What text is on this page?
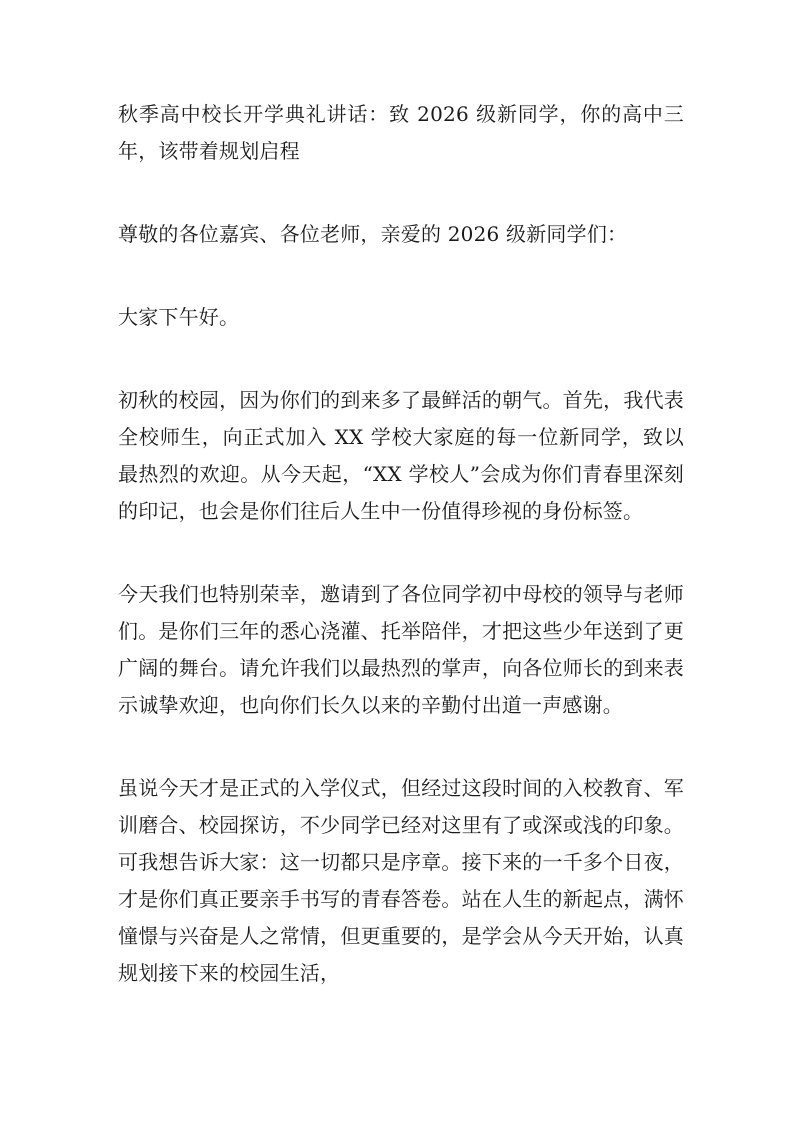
秋季高中校长开学典礼讲话：致 2026 级新同学，你的高中三年，该带着规划启程

尊敬的各位嘉宾、各位老师，亲爱的 2026 级新同学们：

大家下午好。

初秋的校园，因为你们的到来多了最鲜活的朝气。首先，我代表全校师生，向正式加入 XX 学校大家庭的每一位新同学，致以最热烈的欢迎。从今天起，“XX 学校人”会成为你们青春里深刻的印记，也会是你们往后人生中一份值得珍视的身份标签。

今天我们也特别荣幸，邀请到了各位同学初中母校的领导与老师们。是你们三年的悉心浇灌、托举陪伴，才把这些少年送到了更广阔的舞台。请允许我们以最热烈的掌声，向各位师长的到来表示诚挚欢迎，也向你们长久以来的辛勤付出道一声感谢。

虽说今天才是正式的入学仪式，但经过这段时间的入校教育、军训磨合、校园探访，不少同学已经对这里有了或深或浅的印象。可我想告诉大家：这一切都只是序章。接下来的一千多个日夜，才是你们真正要亲手书写的青春答卷。站在人生的新起点，满怀憧憬与兴奋是人之常情，但更重要的，是学会从今天开始，认真规划接下来的校园生活，
